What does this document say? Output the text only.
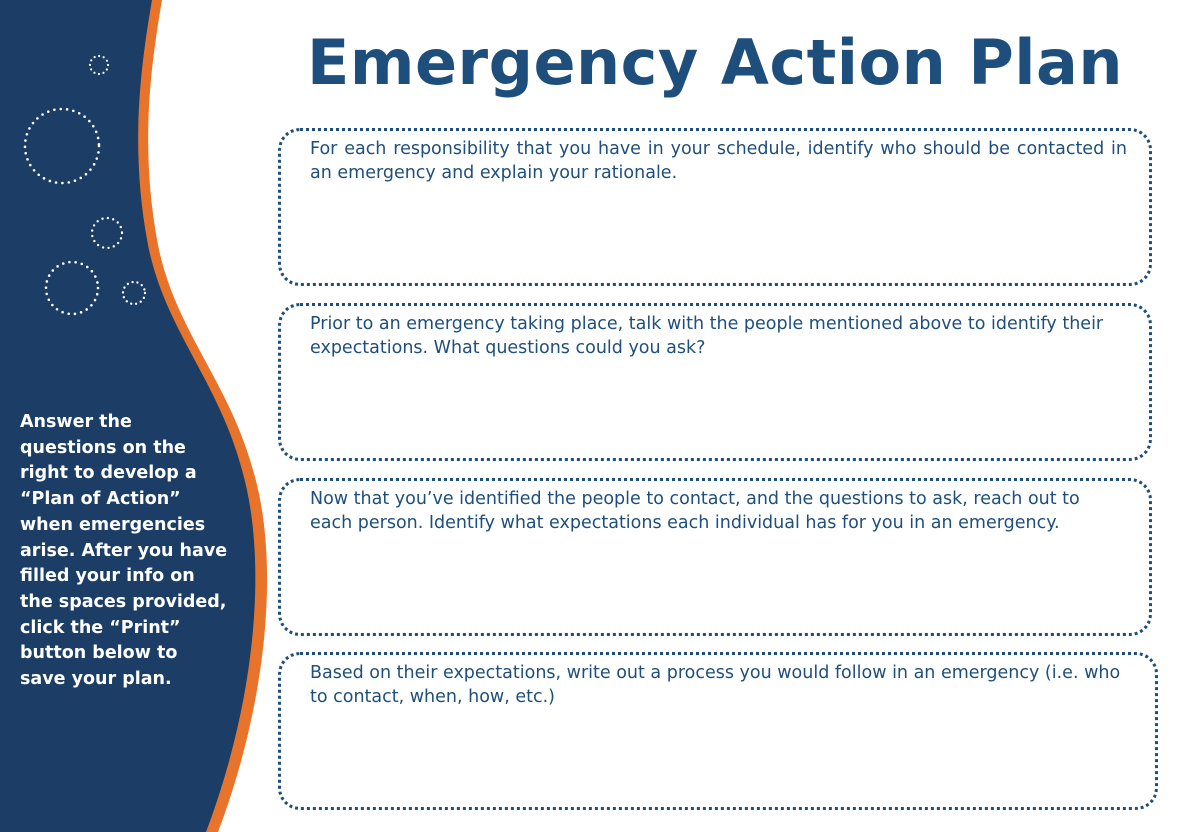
Answer the
questions on the
right to develop a
“Plan of Action”
when emergencies
arise. After you have
filled your info on
the spaces provided,
click the “Print”
button below to
save your plan.
Emergency Action Plan

For each responsibility that you have in your schedule, identify who should be contacted in an emergency and explain your rationale.

Prior to an emergency taking place, talk with the people mentioned above to identify their expectations. What questions could you ask?

Now that you’ve identified the people to contact, and the questions to ask, reach out to each person. Identify what expectations each individual has for you in an emergency.

Based on their expectations, write out a process you would follow in an emergency (i.e. who to contact, when, how, etc.)
